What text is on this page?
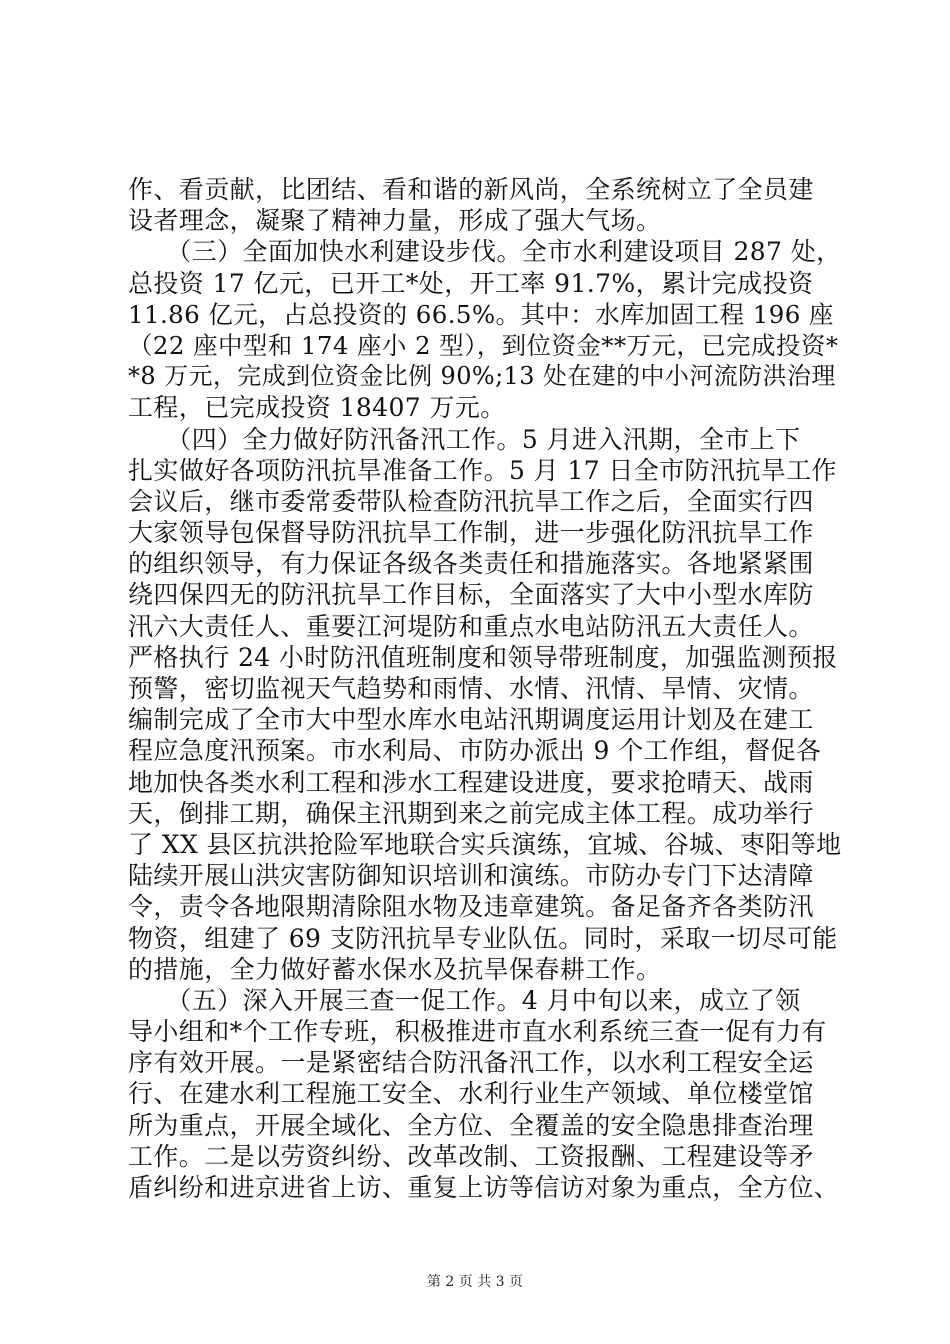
作、看贡献，比团结、看和谐的新风尚，全系统树立了全员建
设者理念，凝聚了精神力量，形成了强大气场。
　　（三）全面加快水利建设步伐。全市水利建设项目 287 处，
总投资 17 亿元，已开工*处，开工率 91.7%，累计完成投资
11.86 亿元，占总投资的 66.5%。其中：水库加固工程 196 座
（22 座中型和 174 座小 2 型），到位资金**万元，已完成投资*
*8 万元，完成到位资金比例 90%;13 处在建的中小河流防洪治理
工程，已完成投资 18407 万元。
　　（四）全力做好防汛备汛工作。5 月进入汛期，全市上下
扎实做好各项防汛抗旱准备工作。5 月 17 日全市防汛抗旱工作
会议后，继市委常委带队检查防汛抗旱工作之后，全面实行四
大家领导包保督导防汛抗旱工作制，进一步强化防汛抗旱工作
的组织领导，有力保证各级各类责任和措施落实。各地紧紧围
绕四保四无的防汛抗旱工作目标，全面落实了大中小型水库防
汛六大责任人、重要江河堤防和重点水电站防汛五大责任人。
严格执行 24 小时防汛值班制度和领导带班制度，加强监测预报
预警，密切监视天气趋势和雨情、水情、汛情、旱情、灾情。
编制完成了全市大中型水库水电站汛期调度运用计划及在建工
程应急度汛预案。市水利局、市防办派出 9 个工作组，督促各
地加快各类水利工程和涉水工程建设进度，要求抢晴天、战雨
天，倒排工期，确保主汛期到来之前完成主体工程。成功举行
了 XX 县区抗洪抢险军地联合实兵演练，宜城、谷城、枣阳等地
陆续开展山洪灾害防御知识培训和演练。市防办专门下达清障
令，责令各地限期清除阻水物及违章建筑。备足备齐各类防汛
物资，组建了 69 支防汛抗旱专业队伍。同时，采取一切尽可能
的措施，全力做好蓄水保水及抗旱保春耕工作。
　　（五）深入开展三查一促工作。4 月中旬以来，成立了领
导小组和*个工作专班，积极推进市直水利系统三查一促有力有
序有效开展。一是紧密结合防汛备汛工作，以水利工程安全运
行、在建水利工程施工安全、水利行业生产领域、单位楼堂馆
所为重点，开展全域化、全方位、全覆盖的安全隐患排查治理
工作。二是以劳资纠纷、改革改制、工资报酬、工程建设等矛
盾纠纷和进京进省上访、重复上访等信访对象为重点，全方位、
第 2 页 共 3 页
